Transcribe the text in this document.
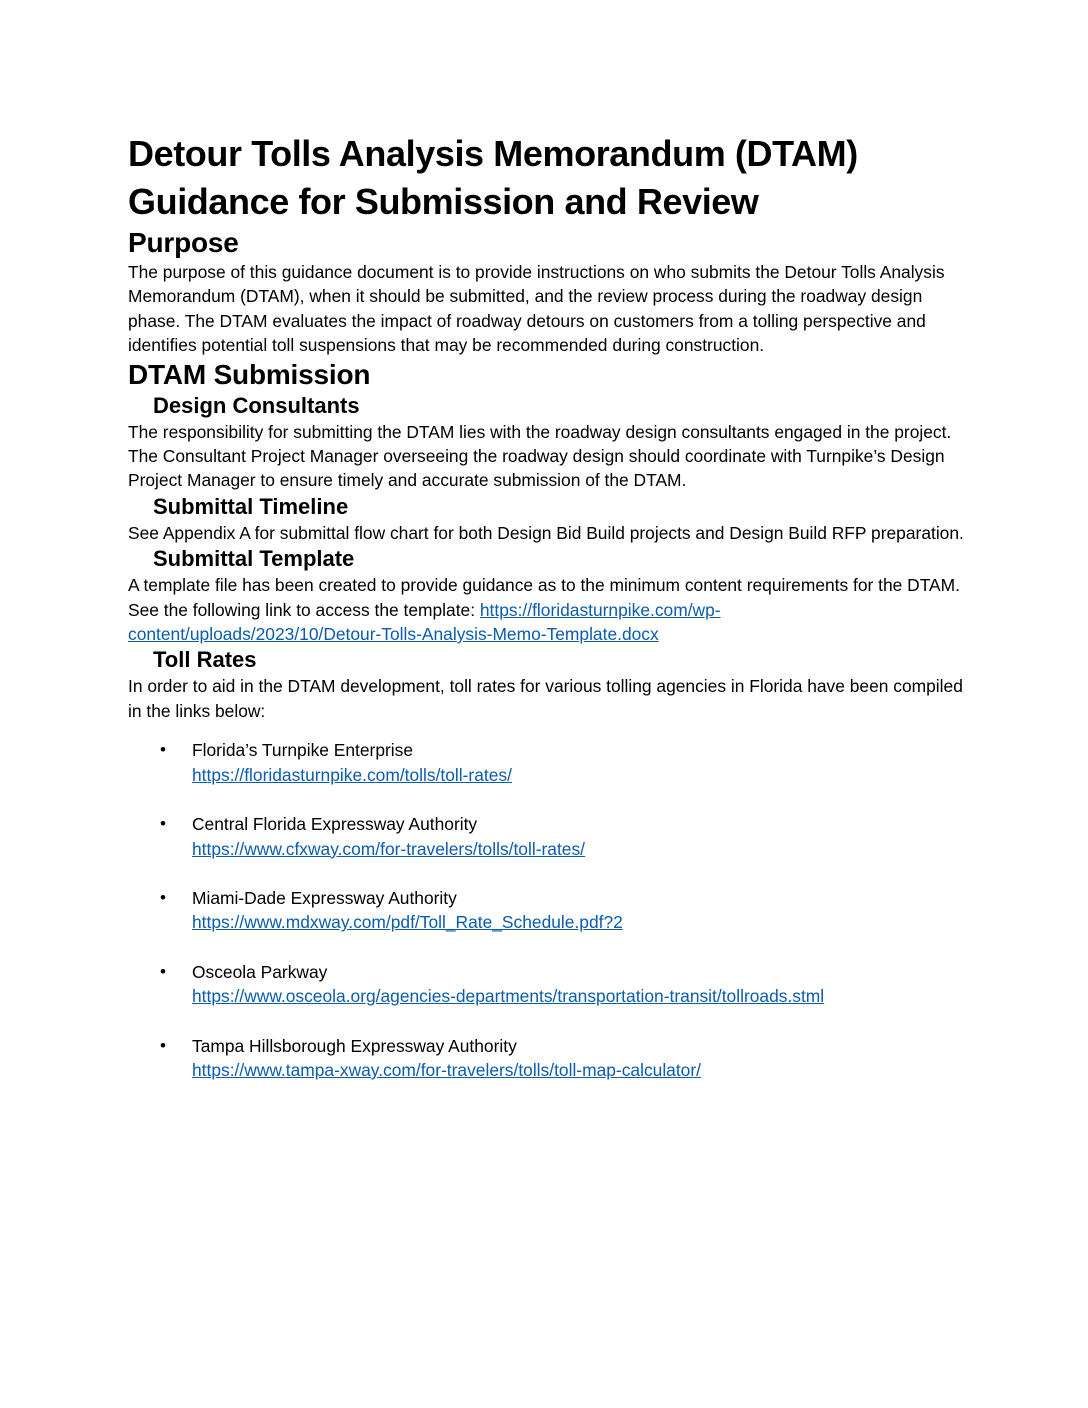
Detour Tolls Analysis Memorandum (DTAM)
Guidance for Submission and Review
Purpose

The purpose of this guidance document is to provide instructions on who submits the Detour Tolls Analysis Memorandum (DTAM), when it should be submitted, and the review process during the roadway design phase. The DTAM evaluates the impact of roadway detours on customers from a tolling perspective and identifies potential toll suspensions that may be recommended during construction.

DTAM Submission
Design Consultants

The responsibility for submitting the DTAM lies with the roadway design consultants engaged in the project. The Consultant Project Manager overseeing the roadway design should coordinate with Turnpike’s Design Project Manager to ensure timely and accurate submission of the DTAM.

Submittal Timeline

See Appendix A for submittal flow chart for both Design Bid Build projects and Design Build RFP preparation.

Submittal Template

A template file has been created to provide guidance as to the minimum content requirements for the DTAM. See the following link to access the template: https://floridasturnpike.com/wp-content/uploads/2023/10/Detour-Tolls-Analysis-Memo-Template.docx

Toll Rates

In order to aid in the DTAM development, toll rates for various tolling agencies in Florida have been compiled in the links below:

• Florida’s Turnpike Enterprise
https://floridasturnpike.com/tolls/toll-rates/
• Central Florida Expressway Authority
https://www.cfxway.com/for-travelers/tolls/toll-rates/
• Miami-Dade Expressway Authority
https://www.mdxway.com/pdf/Toll_Rate_Schedule.pdf?2
• Osceola Parkway
https://www.osceola.org/agencies-departments/transportation-transit/tollroads.stml
• Tampa Hillsborough Expressway Authority
https://www.tampa-xway.com/for-travelers/tolls/toll-map-calculator/
